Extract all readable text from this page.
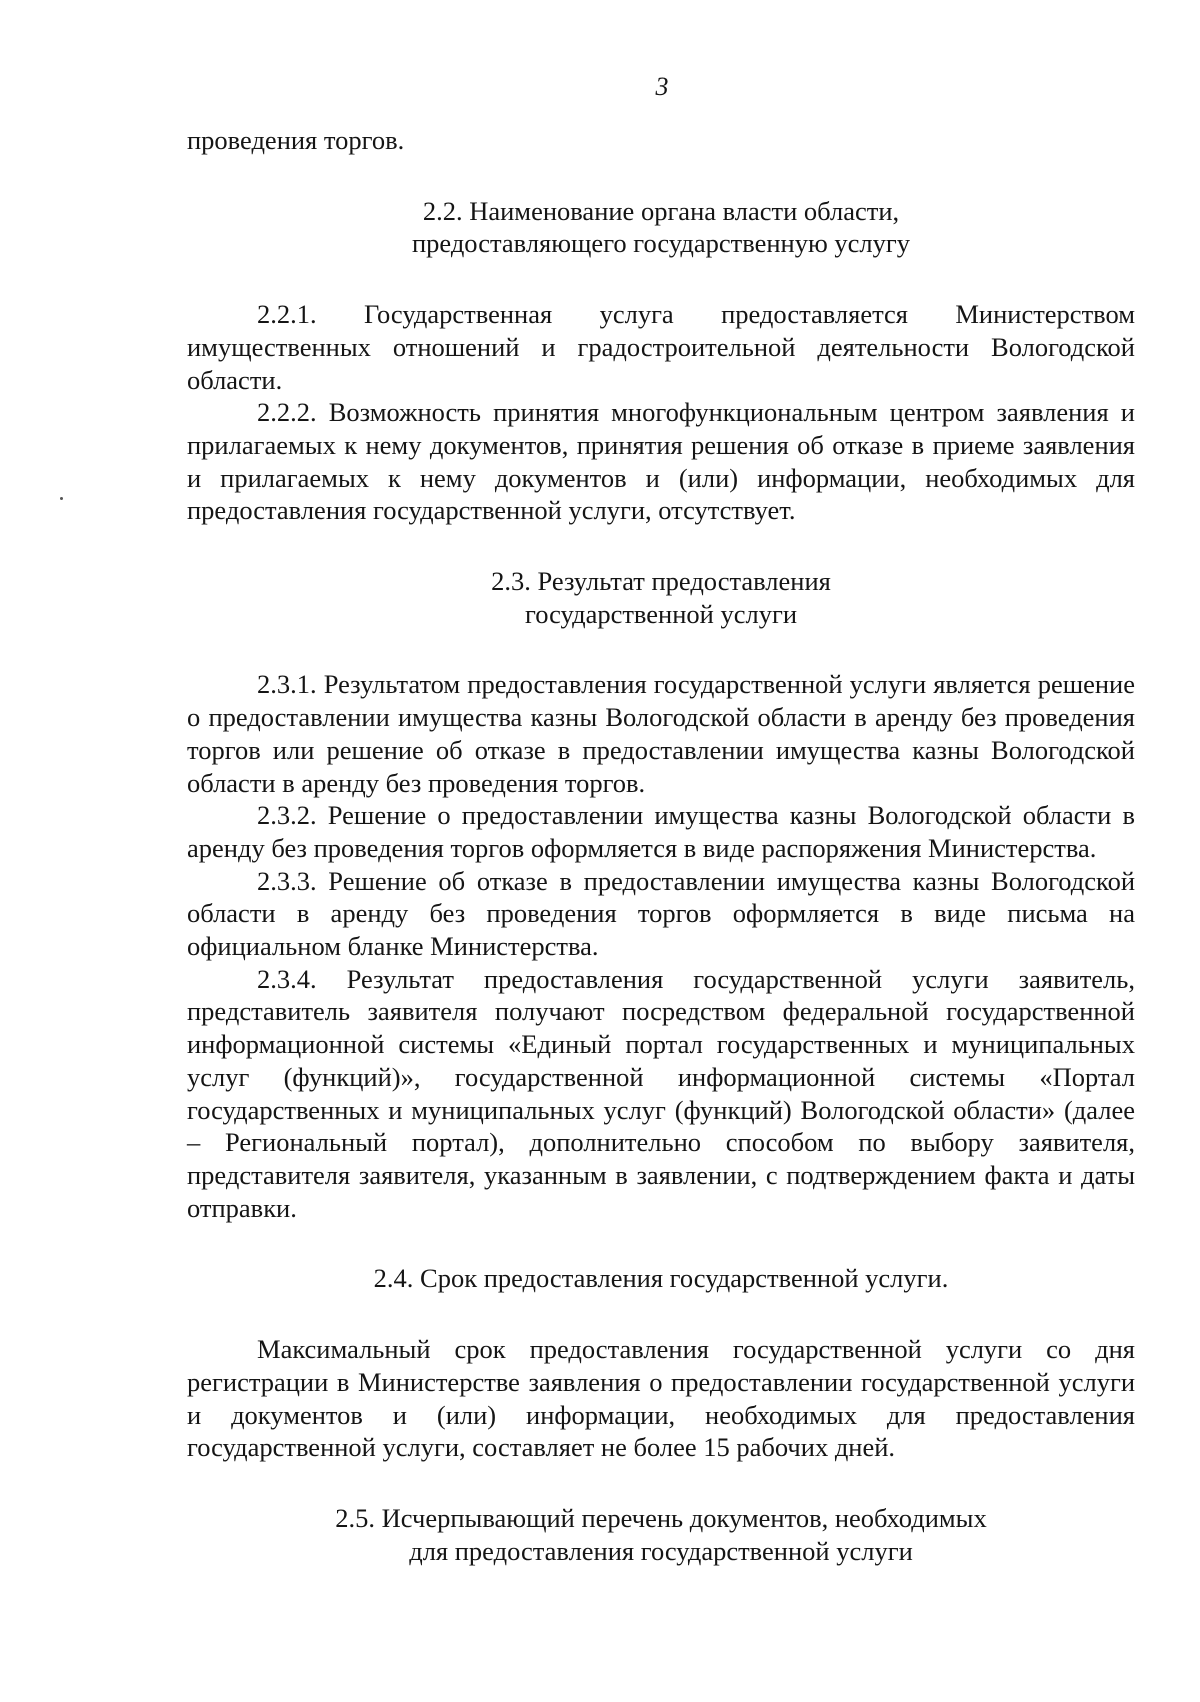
3

проведения торгов.

2.2. Наименование органа власти области,
предоставляющего государственную услугу

2.2.1. Государственная услуга предоставляется Министерством имущественных отношений и градостроительной деятельности Вологодской области.

2.2.2. Возможность принятия многофункциональным центром заявления и прилагаемых к нему документов, принятия решения об отказе в приеме заявления и прилагаемых к нему документов и (или) информации, необходимых для предоставления государственной услуги, отсутствует.

2.3. Результат предоставления
государственной услуги

2.3.1. Результатом предоставления государственной услуги является решение о предоставлении имущества казны Вологодской области в аренду без проведения торгов или решение об отказе в предоставлении имущества казны Вологодской области в аренду без проведения торгов.

2.3.2. Решение о предоставлении имущества казны Вологодской области в аренду без проведения торгов оформляется в виде распоряжения Министерства.

2.3.3. Решение об отказе в предоставлении имущества казны Вологодской области в аренду без проведения торгов оформляется в виде письма на официальном бланке Министерства.

2.3.4. Результат предоставления государственной услуги заявитель, представитель заявителя получают посредством федеральной государственной информационной системы «Единый портал государственных и муниципальных услуг (функций)», государственной информационной системы «Портал государственных и муниципальных услуг (функций) Вологодской области» (далее – Региональный портал), дополнительно способом по выбору заявителя, представителя заявителя, указанным в заявлении, с подтверждением факта и даты отправки.

2.4. Срок предоставления государственной услуги.

Максимальный срок предоставления государственной услуги со дня регистрации в Министерстве заявления о предоставлении государственной услуги и документов и (или) информации, необходимых для предоставления государственной услуги, составляет не более 15 рабочих дней.

2.5. Исчерпывающий перечень документов, необходимых
для предоставления государственной услуги
